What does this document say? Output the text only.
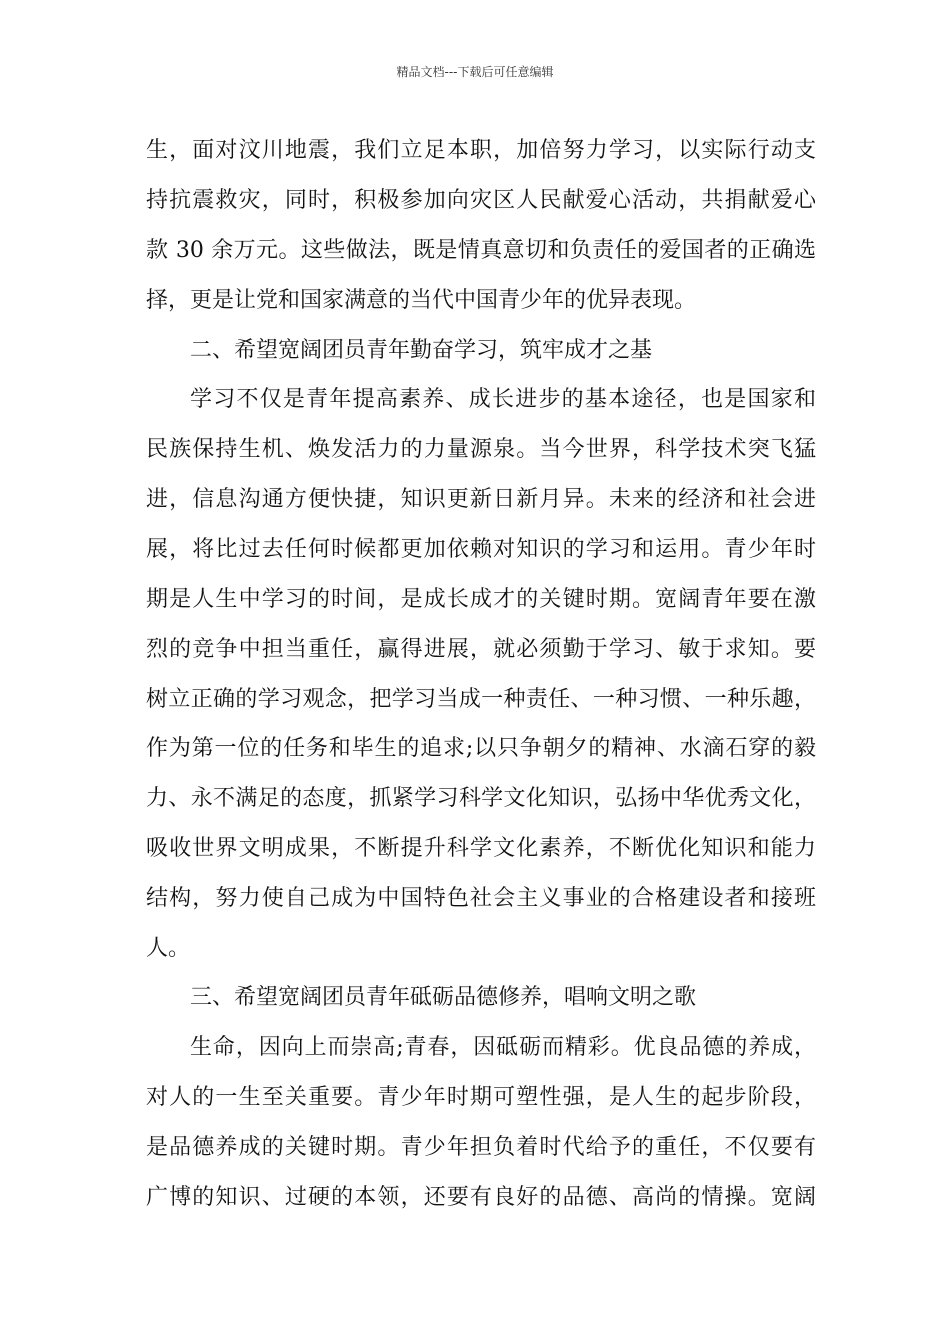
精品文档---下载后可任意编辑
生，面对汶川地震，我们立足本职，加倍努力学习，以实际行动支
持抗震救灾，同时，积极参加向灾区人民献爱心活动，共捐献爱心
款 30 余万元。这些做法，既是情真意切和负责任的爱国者的正确选
择，更是让党和国家满意的当代中国青少年的优异表现。
二、希望宽阔团员青年勤奋学习，筑牢成才之基
学习不仅是青年提高素养、成长进步的基本途径，也是国家和
民族保持生机、焕发活力的力量源泉。当今世界，科学技术突飞猛
进，信息沟通方便快捷，知识更新日新月异。未来的经济和社会进
展，将比过去任何时候都更加依赖对知识的学习和运用。青少年时
期是人生中学习的时间，是成长成才的关键时期。宽阔青年要在激
烈的竞争中担当重任，赢得进展，就必须勤于学习、敏于求知。要
树立正确的学习观念，把学习当成一种责任、一种习惯、一种乐趣，
作为第一位的任务和毕生的追求;以只争朝夕的精神、水滴石穿的毅
力、永不满足的态度，抓紧学习科学文化知识，弘扬中华优秀文化，
吸收世界文明成果，不断提升科学文化素养，不断优化知识和能力
结构，努力使自己成为中国特色社会主义事业的合格建设者和接班
人。
三、希望宽阔团员青年砥砺品德修养，唱响文明之歌
生命，因向上而崇高;青春，因砥砺而精彩。优良品德的养成，
对人的一生至关重要。青少年时期可塑性强，是人生的起步阶段，
是品德养成的关键时期。青少年担负着时代给予的重任，不仅要有
广博的知识、过硬的本领，还要有良好的品德、高尚的情操。宽阔
